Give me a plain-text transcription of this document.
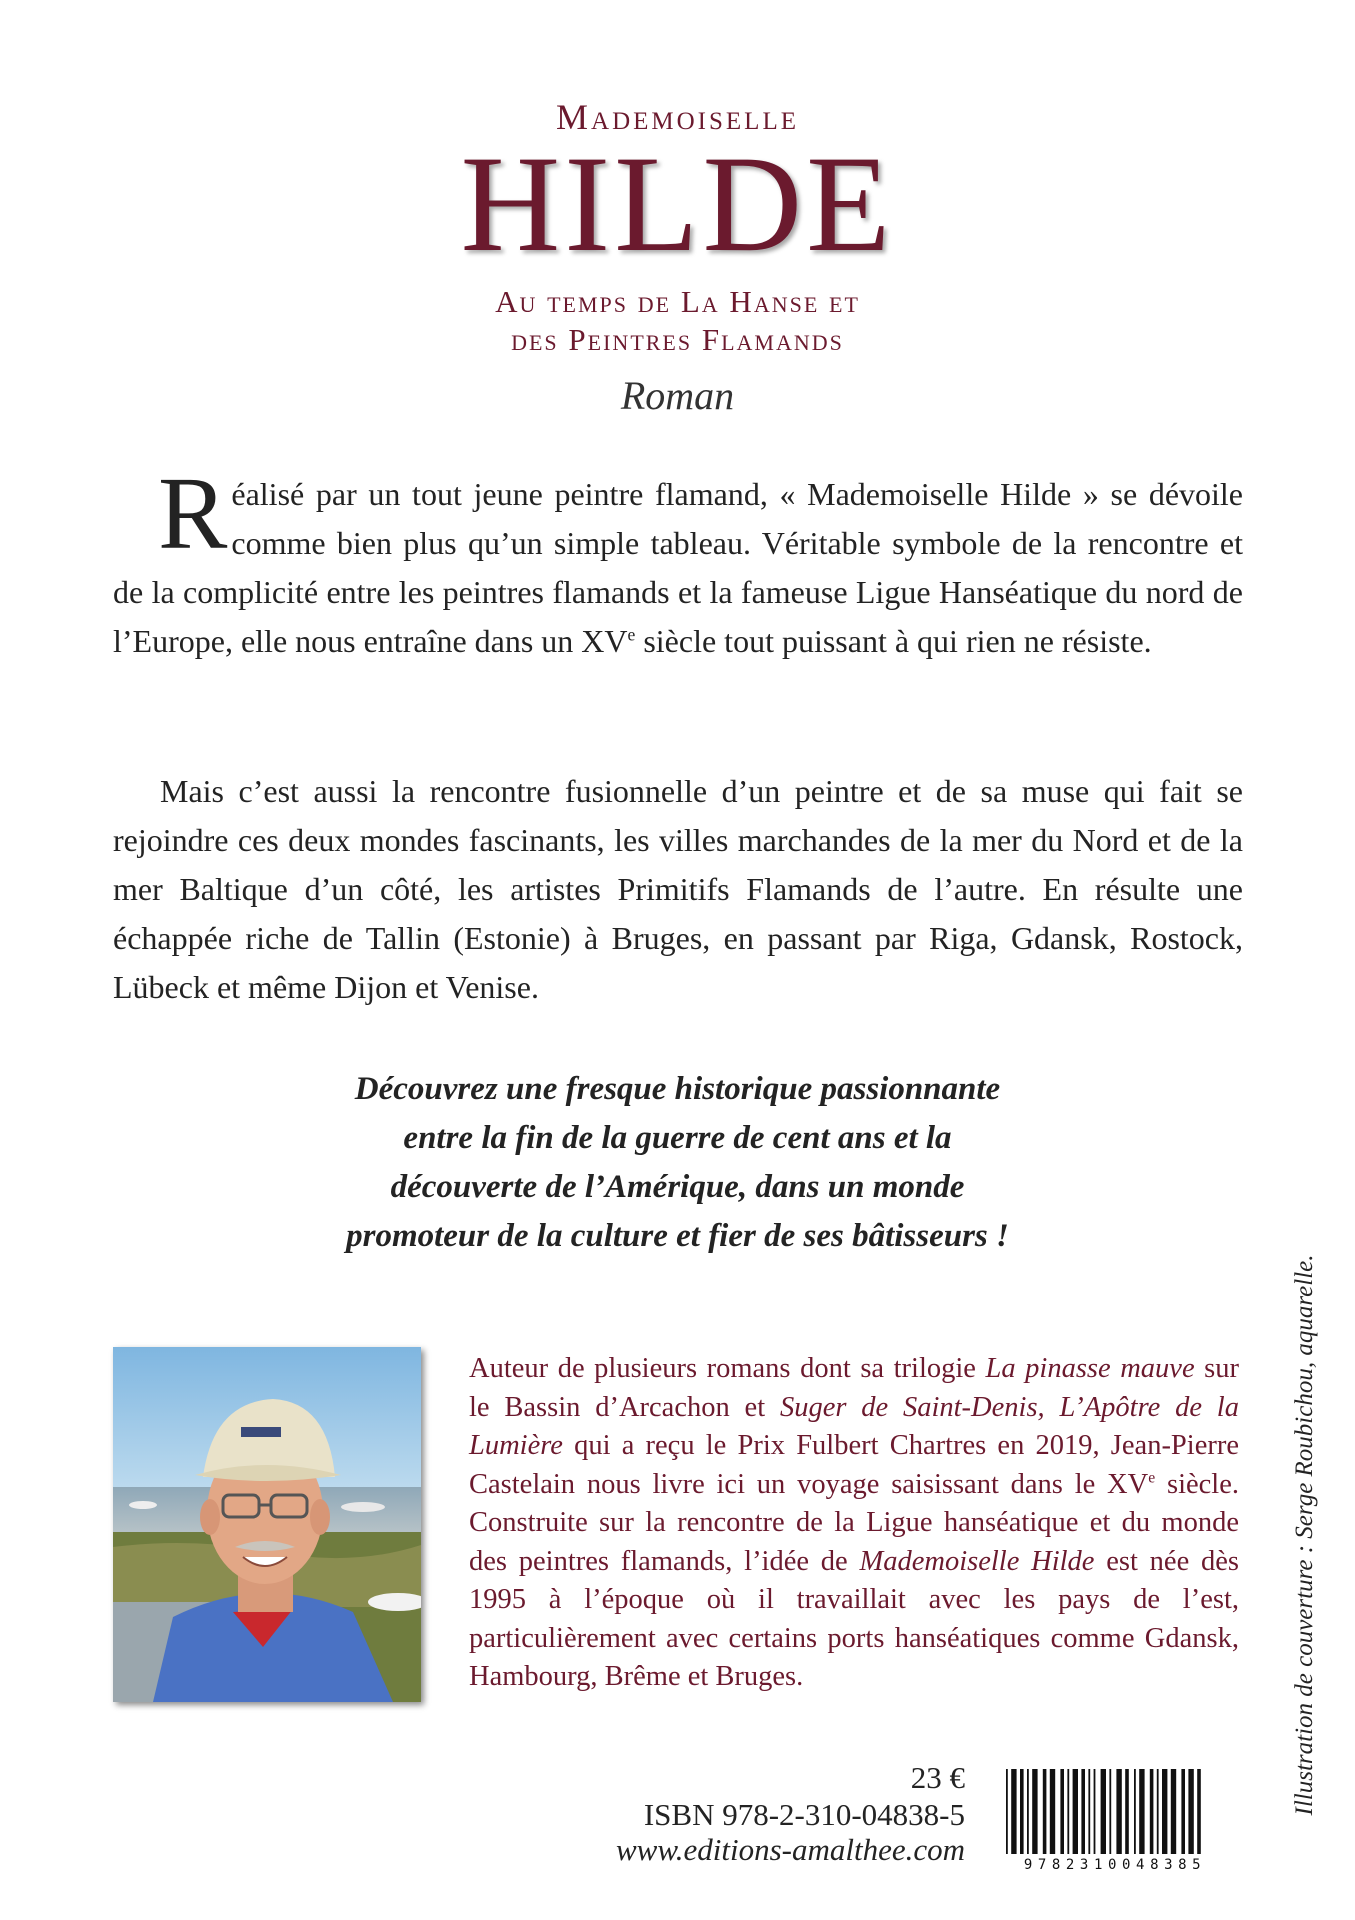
Mademoiselle
HILDE
Au temps de La Hanse et
des Peintres Flamands
Roman
Réalisé par un tout jeune peintre flamand, « Mademoiselle Hilde » se dévoile comme bien plus qu’un simple tableau. Véritable symbole de la rencontre et de la complicité entre les peintres flamands et la fameuse Ligue Hanséatique du nord de l’Europe, elle nous entraîne dans un XVe siècle tout puissant à qui rien ne résiste.
Mais c’est aussi la rencontre fusionnelle d’un peintre et de sa muse qui fait se rejoindre ces deux mondes fascinants, les villes marchandes de la mer du Nord et de la mer Baltique d’un côté, les artistes Primitifs Flamands de l’autre. En résulte une échappée riche de Tallin (Estonie) à Bruges, en passant par Riga, Gdansk, Rostock, Lübeck et même Dijon et Venise.
Découvrez une fresque historique passionnante
entre la fin de la guerre de cent ans et la
découverte de l’Amérique, dans un monde
promoteur de la culture et fier de ses bâtisseurs !
Auteur de plusieurs romans dont sa trilogie La pinasse mauve sur le Bassin d’Arcachon et Suger de Saint-Denis, L’Apôtre de la Lumière qui a reçu le Prix Fulbert Chartres en 2019, Jean-Pierre Castelain nous livre ici un voyage saisissant dans le XVe siècle. Construite sur la rencontre de la Ligue hanséatique et du monde des peintres flamands, l’idée de Mademoiselle Hilde est née dès 1995 à l’époque où il travaillait avec les pays de l’est, particulièrement avec certains ports hanséatiques comme Gdansk, Hambourg, Brême et Bruges.	Illustration de couverture : Serge Roubichou, aquarelle.
23 €
ISBN 978-2-310-04838-5
www.editions-amalthee.com	9782310048385
